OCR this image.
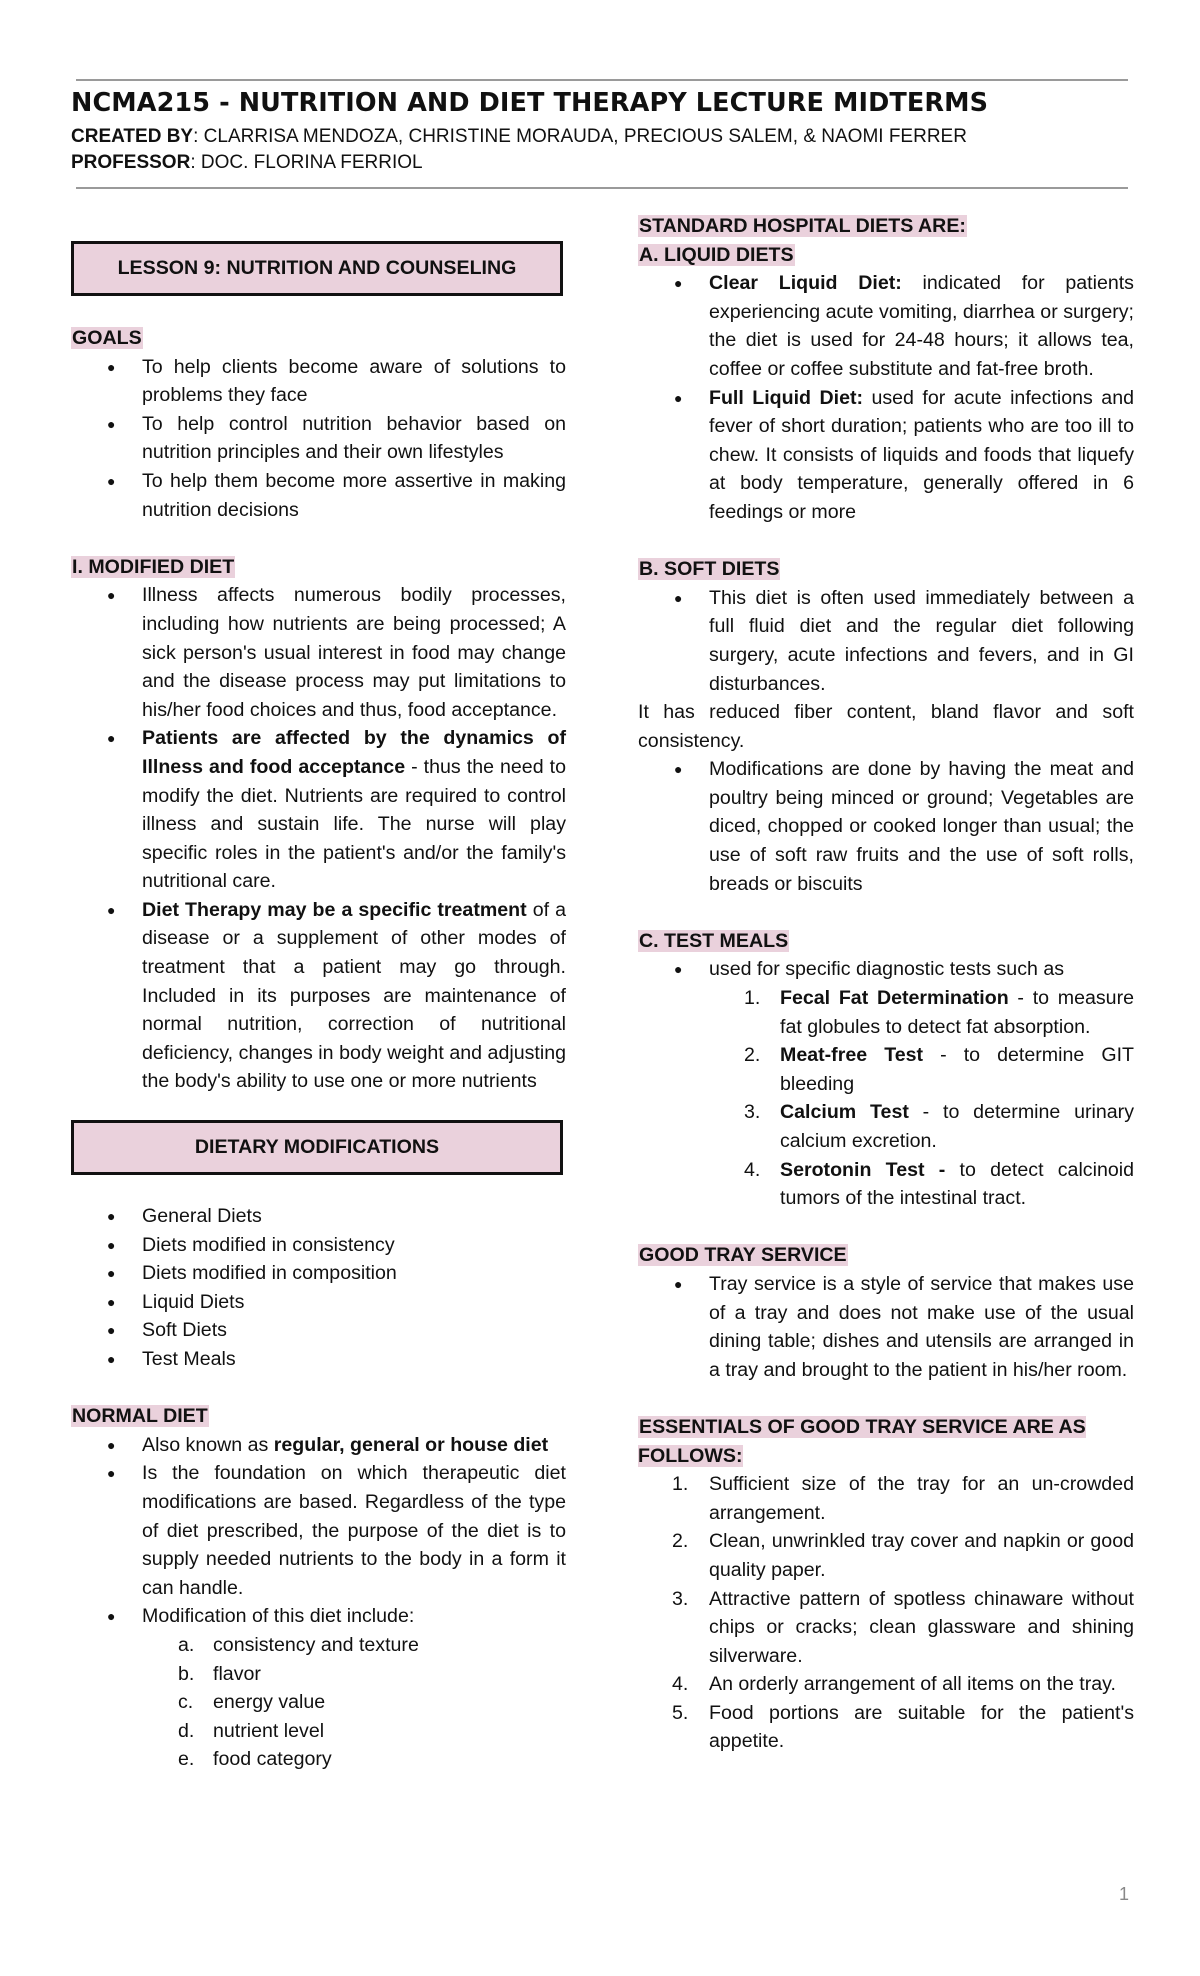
NCMA215 - NUTRITION AND DIET THERAPY LECTURE MIDTERMS
CREATED BY: CLARRISA MENDOZA, CHRISTINE MORAUDA, PRECIOUS SALEM, & NAOMI FERRER
PROFESSOR: DOC. FLORINA FERRIOL
LESSON 9: NUTRITION AND COUNSELING

GOALS

● To help clients become aware of solutions to problems they face
● To help control nutrition behavior based on nutrition principles and their own lifestyles
● To help them become more assertive in making nutrition decisions

I. MODIFIED DIET

● Illness affects numerous bodily processes, including how nutrients are being processed; A sick person's usual interest in food may change and the disease process may put limitations to his/her food choices and thus, food acceptance.
● Patients are affected by the dynamics of Illness and food acceptance - thus the need to modify the diet. Nutrients are required to control illness and sustain life. The nurse will play specific roles in the patient's and/or the family's nutritional care.
● Diet Therapy may be a specific treatment of a disease or a supplement of other modes of treatment that a patient may go through. Included in its purposes are maintenance of normal nutrition, correction of nutritional deficiency, changes in body weight and adjusting the body's ability to use one or more nutrients
DIETARY MODIFICATIONS
● General Diets
● Diets modified in consistency
● Diets modified in composition
● Liquid Diets
● Soft Diets
● Test Meals

NORMAL DIET

● Also known as regular, general or house diet
● Is the foundation on which therapeutic diet modifications are based. Regardless of the type of diet prescribed, the purpose of the diet is to supply needed nutrients to the body in a form it can handle.
● Modification of this diet include:
a. consistency and texture
b. flavor
c. energy value
d. nutrient level
e. food category

STANDARD HOSPITAL DIETS ARE:

A. LIQUID DIETS

● Clear Liquid Diet: indicated for patients experiencing acute vomiting, diarrhea or surgery; the diet is used for 24-48 hours; it allows tea, coffee or coffee substitute and fat-free broth.
● Full Liquid Diet: used for acute infections and fever of short duration; patients who are too ill to chew. It consists of liquids and foods that liquefy at body temperature, generally offered in 6 feedings or more

B. SOFT DIETS

● This diet is often used immediately between a full fluid diet and the regular diet following surgery, acute infections and fevers, and in GI disturbances.

It has reduced fiber content, bland flavor and soft consistency.

● Modifications are done by having the meat and poultry being minced or ground; Vegetables are diced, chopped or cooked longer than usual; the use of soft raw fruits and the use of soft rolls, breads or biscuits

C. TEST MEALS

● used for specific diagnostic tests such as
1. Fecal Fat Determination - to measure fat globules to detect fat absorption.
2. Meat-free Test - to determine GIT bleeding
3. Calcium Test - to determine urinary calcium excretion.
4. Serotonin Test - to detect calcinoid tumors of the intestinal tract.

GOOD TRAY SERVICE

● Tray service is a style of service that makes use of a tray and does not make use of the usual dining table; dishes and utensils are arranged in a tray and brought to the patient in his/her room.

ESSENTIALS OF GOOD TRAY SERVICE ARE AS FOLLOWS:

1. Sufficient size of the tray for an un-crowded arrangement.
2. Clean, unwrinkled tray cover and napkin or good quality paper.
3. Attractive pattern of spotless chinaware without chips or cracks; clean glassware and shining silverware.
4. An orderly arrangement of all items on the tray.
5. Food portions are suitable for the patient's appetite.
1
